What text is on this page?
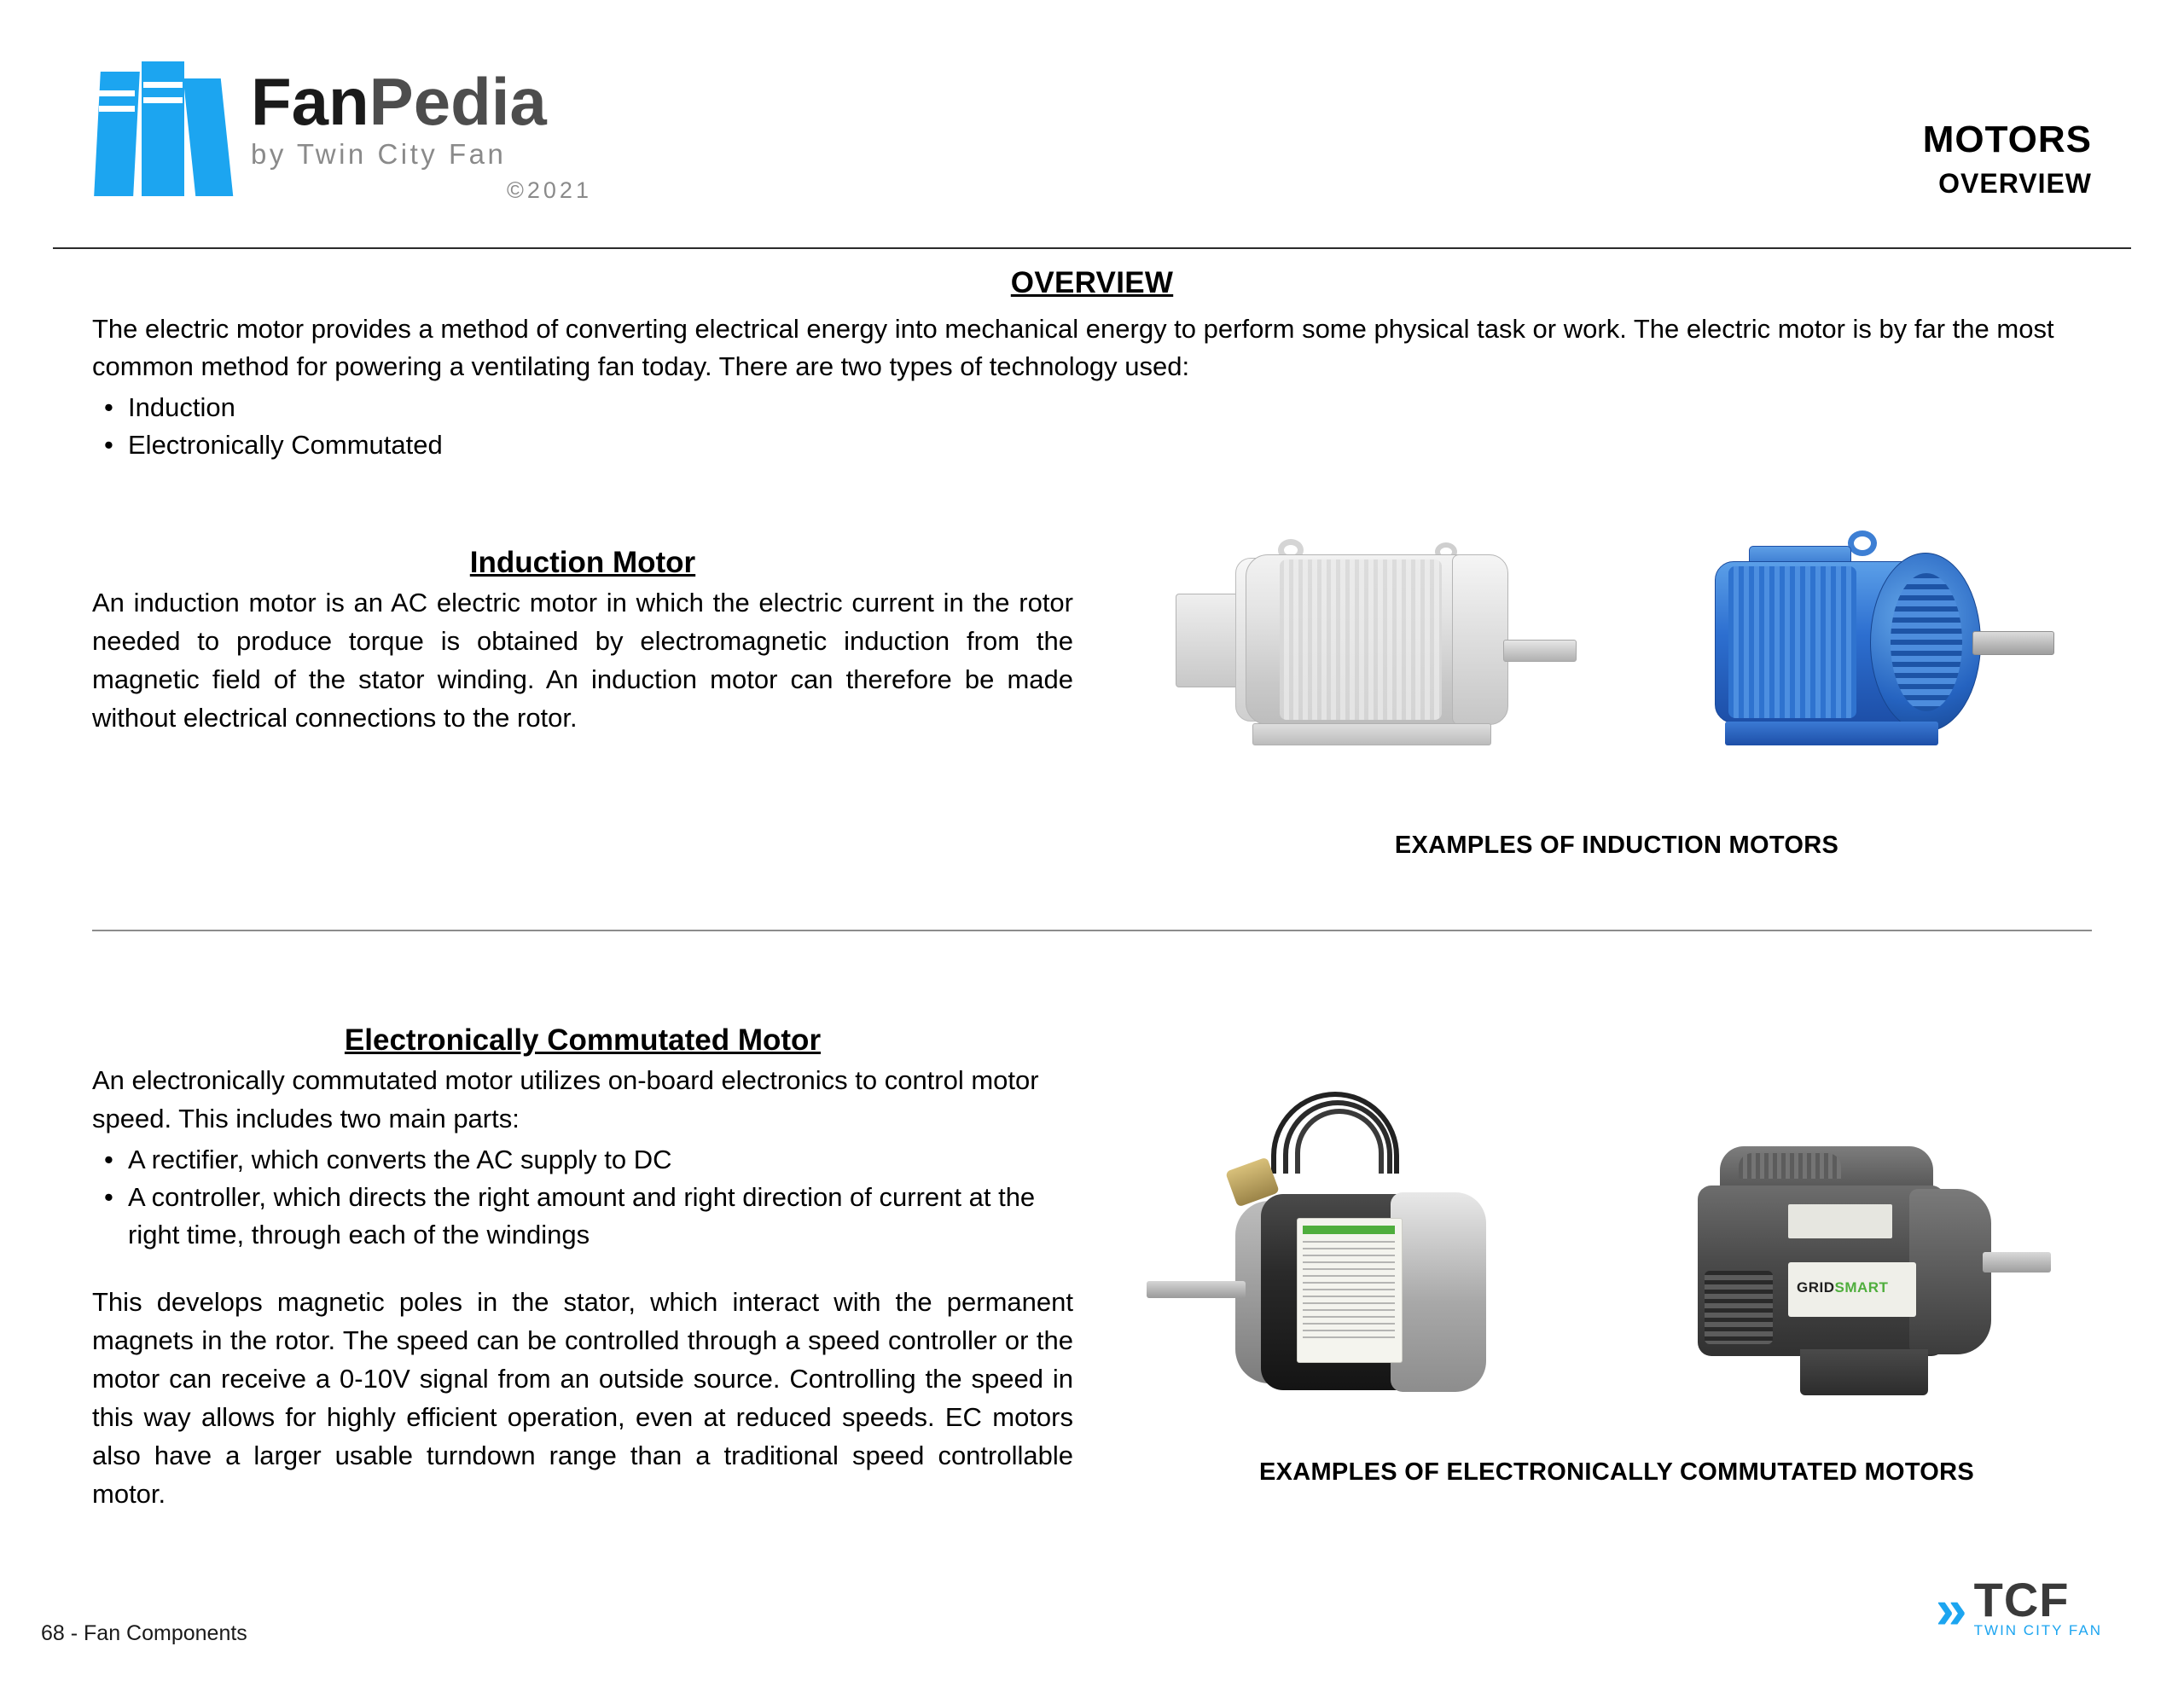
FanPedia
by Twin City Fan
©2021
MOTORS
OVERVIEW
OVERVIEW

The electric motor provides a method of converting electrical energy into mechanical energy to perform some physical task or work. The electric motor is by far the most common method for powering a ventilating fan today. There are two types of technology used:

• Induction
• Electronically Commutated
Induction Motor

An induction motor is an AC electric motor in which the electric current in the rotor needed to produce torque is obtained by electromagnetic induction from the magnetic field of the stator winding. An induction motor can therefore be made without electrical connections to the rotor.

EXAMPLES OF INDUCTION MOTORS
Electronically Commutated Motor

An electronically commutated motor utilizes on-board electronics to control motor speed. This includes two main parts:

• A rectifier, which converts the AC supply to DC
• A controller, which directs the right amount and right direction of current at the right time, through each of the windings

This develops magnetic poles in the stator, which interact with the permanent magnets in the rotor. The speed can be controlled through a speed controller or the motor can receive a 0-10V signal from an outside source. Controlling the speed in this way allows for highly efficient operation, even at reduced speeds. EC motors also have a larger usable turndown range than a traditional speed controllable motor.

GRIDSMART
EXAMPLES OF ELECTRONICALLY COMMUTATED MOTORS
68 - Fan Components	» TCF
TWIN CITY FAN
